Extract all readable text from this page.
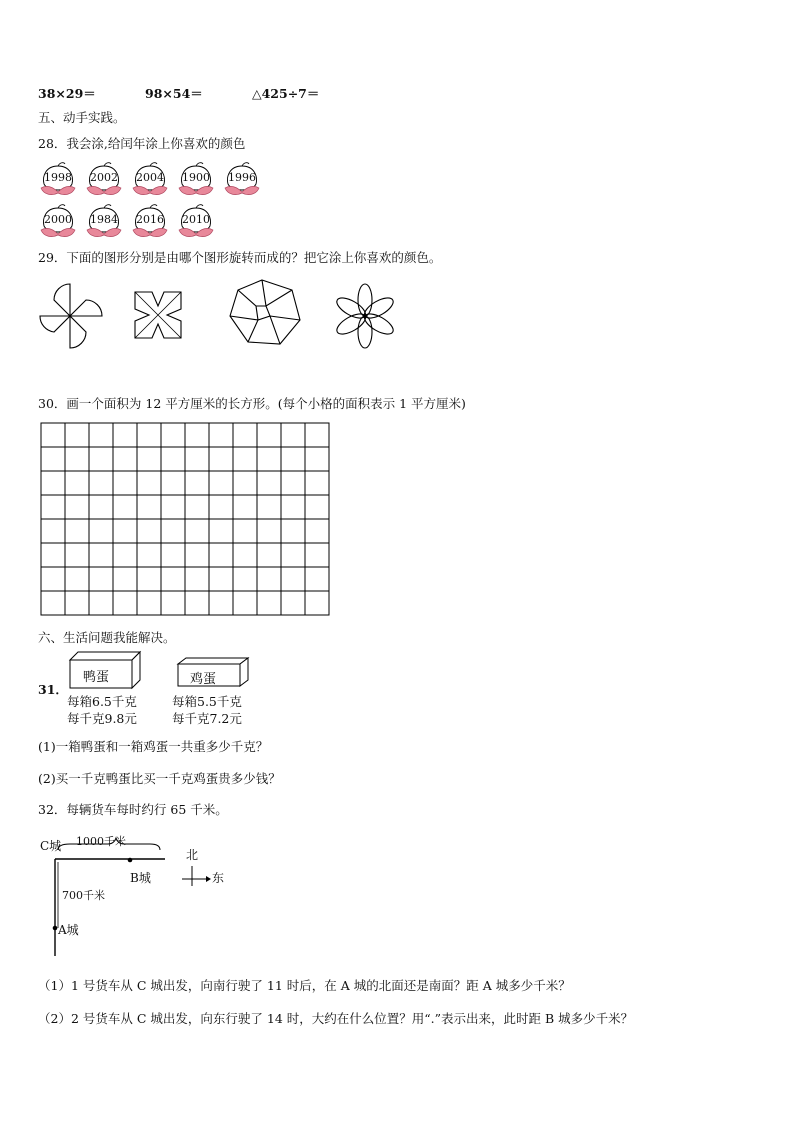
38×29＝	98×54＝	△425÷7＝
五、动手实践。
28．我会涂,给闰年涂上你喜欢的颜色
1998	2002	2004	1900	1996
2000	1984	2016	2010
29．下面的图形分别是由哪个图形旋转而成的？把它涂上你喜欢的颜色。
30．画一个面积为 12 平方厘米的长方形。(每个小格的面积表示 1 平方厘米)
六、生活问题我能解决。
31．
鸭蛋
每箱6.5千克
每千克9.8元
鸡蛋
每箱5.5千克
每千克7.2元
(1)一箱鸭蛋和一箱鸡蛋一共重多少千克？
(2)买一千克鸭蛋比买一千克鸡蛋贵多少钱？
32．每辆货车每时约行 65 千米。
C城 1000千米
B城
700千米
A城
北
东
（1）1 号货车从 C 城出发，向南行驶了 11 时后，在 A 城的北面还是南面？距 A 城多少千米？
（2）2 号货车从 C 城出发，向东行驶了 14 时，大约在什么位置？用“.”表示出来，此时距 B 城多少千米？
